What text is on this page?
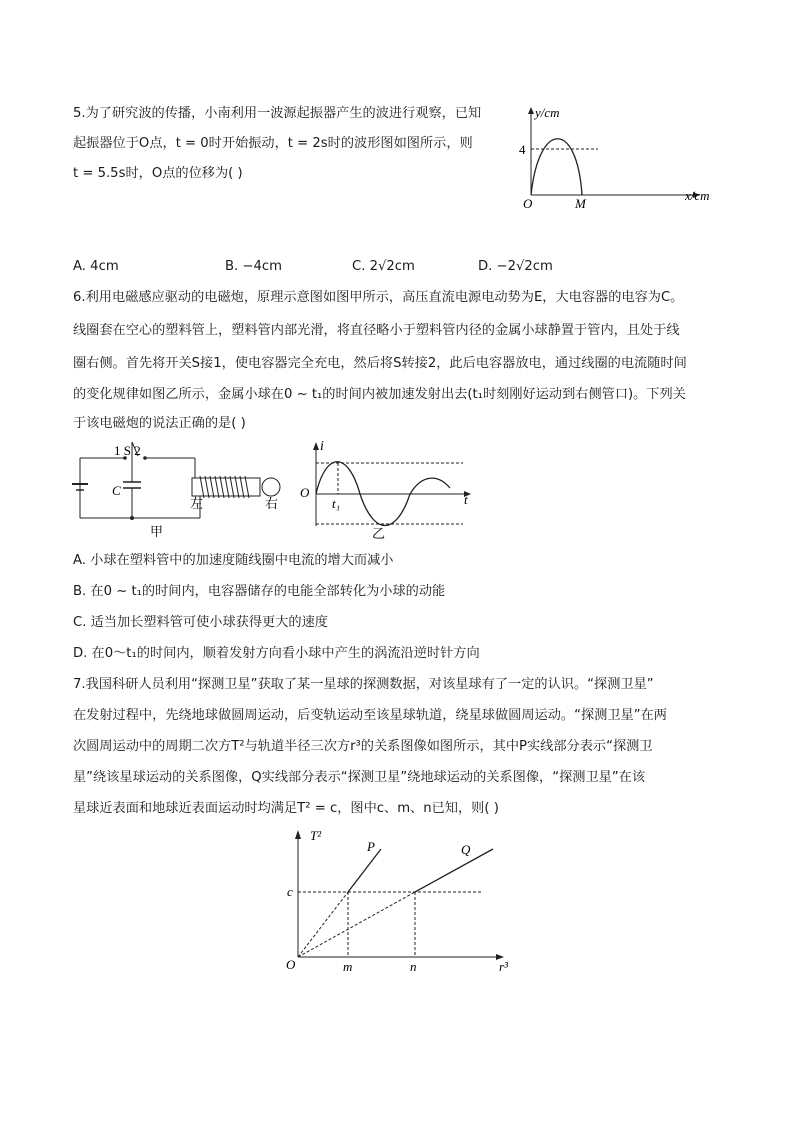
5.为了研究波的传播，小南利用一波源起振器产生的波进行观察，已知
起振器位于O点，t = 0时开始振动，t = 2s时的波形图如图所示，则
t = 5.5s时，O点的位移为( )
y/cm
4
O	M
x/cm
A. 4cm	B. −4cm	C. 2√2cm	D. −2√2cm
6.利用电磁感应驱动的电磁炮，原理示意图如图甲所示，高压直流电源电动势为E，大电容器的电容为C。
线圈套在空心的塑料管上，塑料管内部光滑，将直径略小于塑料管内径的金属小球静置于管内，且处于线
圈右侧。首先将开关S接1，使电容器完全充电，然后将S转接2，此后电容器放电，通过线圈的电流随时间
的变化规律如图乙所示，金属小球在0 ~ t₁的时间内被加速发射出去(t₁时刻刚好运动到右侧管口)。下列关
于该电磁炮的说法正确的是( )
1 S 2
C
左	右
甲
i
O
t₁	t
乙
A. 小球在塑料管中的加速度随线圈中电流的增大而减小
B. 在0 ~ t₁的时间内，电容器储存的电能全部转化为小球的动能
C. 适当加长塑料管可使小球获得更大的速度
D. 在0～t₁的时间内，顺着发射方向看小球中产生的涡流沿逆时针方向
7.我国科研人员利用“探测卫星”获取了某一星球的探测数据，对该星球有了一定的认识。“探测卫星”
在发射过程中，先绕地球做圆周运动，后变轨运动至该星球轨道，绕星球做圆周运动。“探测卫星”在两
次圆周运动中的周期二次方T²与轨道半径三次方r³的关系图像如图所示，其中P实线部分表示“探测卫
星”绕该星球运动的关系图像，Q实线部分表示“探测卫星”绕地球运动的关系图像，“探测卫星”在该
星球近表面和地球近表面运动时均满足T² = c，图中c、m、n已知，则( )
T²
P	Q
c
O	m	n	r³
